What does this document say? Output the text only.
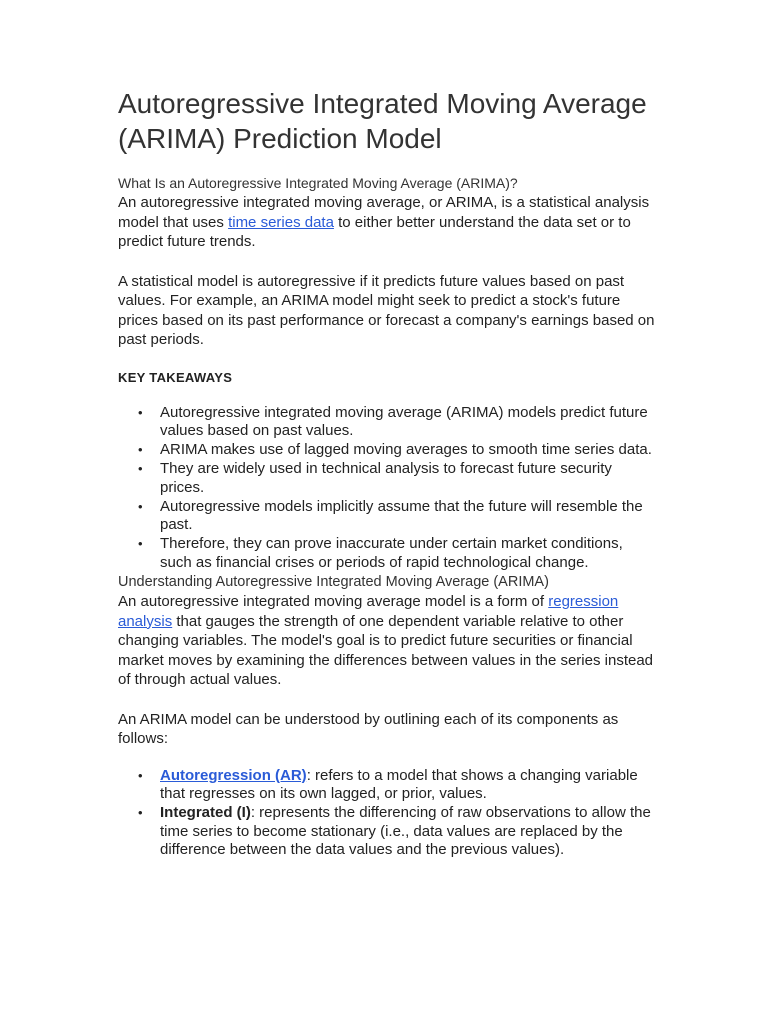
Autoregressive Integrated Moving Average (ARIMA) Prediction Model

What Is an Autoregressive Integrated Moving Average (ARIMA)?

An autoregressive integrated moving average, or ARIMA, is a statistical analysis model that uses time series data to either better understand the data set or to predict future trends.

A statistical model is autoregressive if it predicts future values based on past values. For example, an ARIMA model might seek to predict a stock's future prices based on its past performance or forecast a company's earnings based on past periods.

KEY TAKEAWAYS

• Autoregressive integrated moving average (ARIMA) models predict future values based on past values.
• ARIMA makes use of lagged moving averages to smooth time series data.
• They are widely used in technical analysis to forecast future security prices.
• Autoregressive models implicitly assume that the future will resemble the past.
• Therefore, they can prove inaccurate under certain market conditions, such as financial crises or periods of rapid technological change.

Understanding Autoregressive Integrated Moving Average (ARIMA)

An autoregressive integrated moving average model is a form of regression analysis that gauges the strength of one dependent variable relative to other changing variables. The model's goal is to predict future securities or financial market moves by examining the differences between values in the series instead of through actual values.

An ARIMA model can be understood by outlining each of its components as follows:

• Autoregression (AR): refers to a model that shows a changing variable that regresses on its own lagged, or prior, values.
• Integrated (I): represents the differencing of raw observations to allow the time series to become stationary (i.e., data values are replaced by the difference between the data values and the previous values).
